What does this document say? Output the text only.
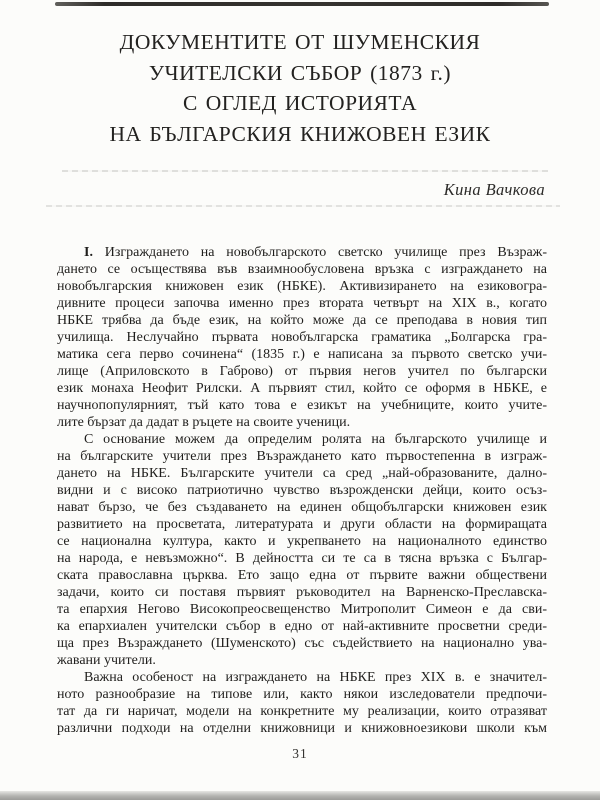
ДОКУМЕНТИТЕ ОТ ШУМЕНСКИЯ
УЧИТЕЛСКИ СЪБОР (1873 г.)
С ОГЛЕД ИСТОРИЯТА
НА БЪЛГАРСКИЯ КНИЖОВЕН ЕЗИК
Кина Вачкова
I. Изграждането на новобългарското светско училище през Възраж-
дането се осъществява във взаимнообусловена връзка с изграждането на
новобългарския книжовен език (НБКЕ). Активизирането на езиковогра-
дивните процеси започва именно през втората четвърт на XIX в., когато
НБКЕ трябва да бъде език, на който може да се преподава в новия тип
училища. Неслучайно първата новобългарска граматика „Болгарска гра-
матика сега перво сочинена“ (1835 г.) е написана за първото светско учи-
лище (Априловското в Габрово) от първия негов учител по български
език монаха Неофит Рилски. А първият стил, който се оформя в НБКЕ, е
научнопопулярният, тъй като това е езикът на учебниците, които учите-
лите бързат да дадат в ръцете на своите ученици.
С основание можем да определим ролята на българското училище и
на българските учители през Възраждането като първостепенна в изграж-
дането на НБКЕ. Българските учители са сред „най-образованите, дално-
видни и с високо патриотично чувство възрожденски дейци, които осъз-
нават бързо, че без създаването на единен общобългарски книжовен език
развитието на просветата, литературата и други области на формиращата
се национална култура, както и укрепването на националното единство
на народа, е невъзможно“. В дейността си те са в тясна връзка с Българ-
ската православна църква. Ето защо една от първите важни обществени
задачи, които си поставя първият ръководител на Варненско-Преславска-
та епархия Негово Високопреосвещенство Митрополит Симеон е да сви-
ка епархиален учителски събор в едно от най-активните просветни среди-
ща през Възраждането (Шуменското) със съдействието на национално ува-
жавани учители.
Важна особеност на изграждането на НБКЕ през XIX в. е значител-
ното разнообразие на типове или, както някои изследователи предпочи-
тат да ги наричат, модели на конкретните му реализации, които отразяват
различни подходи на отделни книжовници и книжовноезикови школи към
31
